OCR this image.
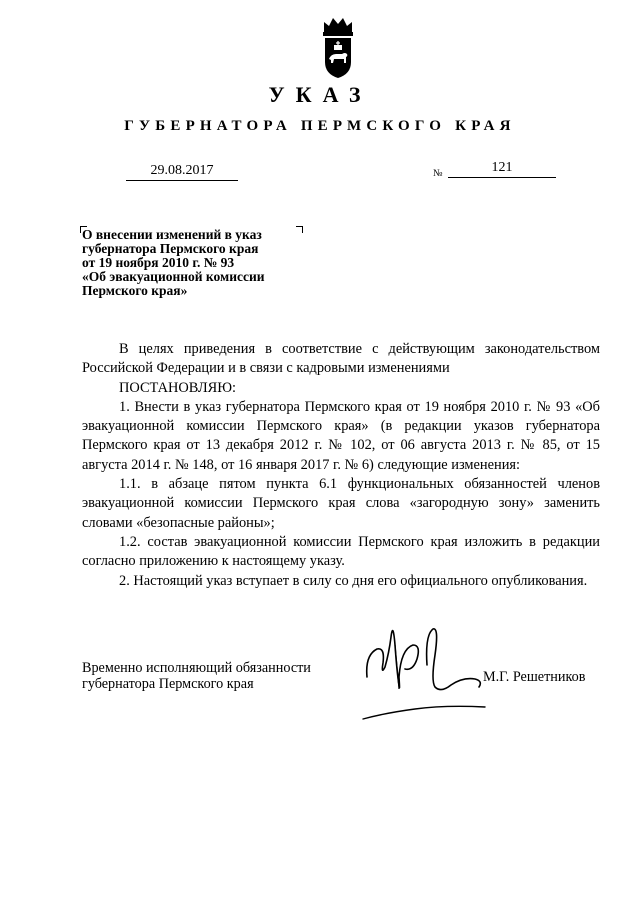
УКАЗ
ГУБЕРНАТОРА ПЕРМСКОГО КРАЯ
29.08.2017	№	121
О внесении изменений в указ
губернатора Пермского края
от 19 ноября 2010 г. № 93
«Об эвакуационной комиссии
Пермского края»

В целях приведения в соответствие с действующим законодательством Российской Федерации и в связи с кадровыми изменениями

ПОСТАНОВЛЯЮ:

1. Внести в указ губернатора Пермского края от 19 ноября 2010 г. № 93 «Об эвакуационной комиссии Пермского края» (в редакции указов губернатора Пермского края от 13 декабря 2012 г. № 102, от 06 августа 2013 г. № 85, от 15 августа 2014 г. № 148, от 16 января 2017 г. № 6) следующие изменения:

1.1. в абзаце пятом пункта 6.1 функциональных обязанностей членов эвакуационной комиссии Пермского края слова «загородную зону» заменить словами «безопасные районы»;

1.2. состав эвакуационной комиссии Пермского края изложить в редакции согласно приложению к настоящему указу.

2. Настоящий указ вступает в силу со дня его официального опубликования.

Временно исполняющий обязанности
губернатора Пермского края	М.Г. Решетников
